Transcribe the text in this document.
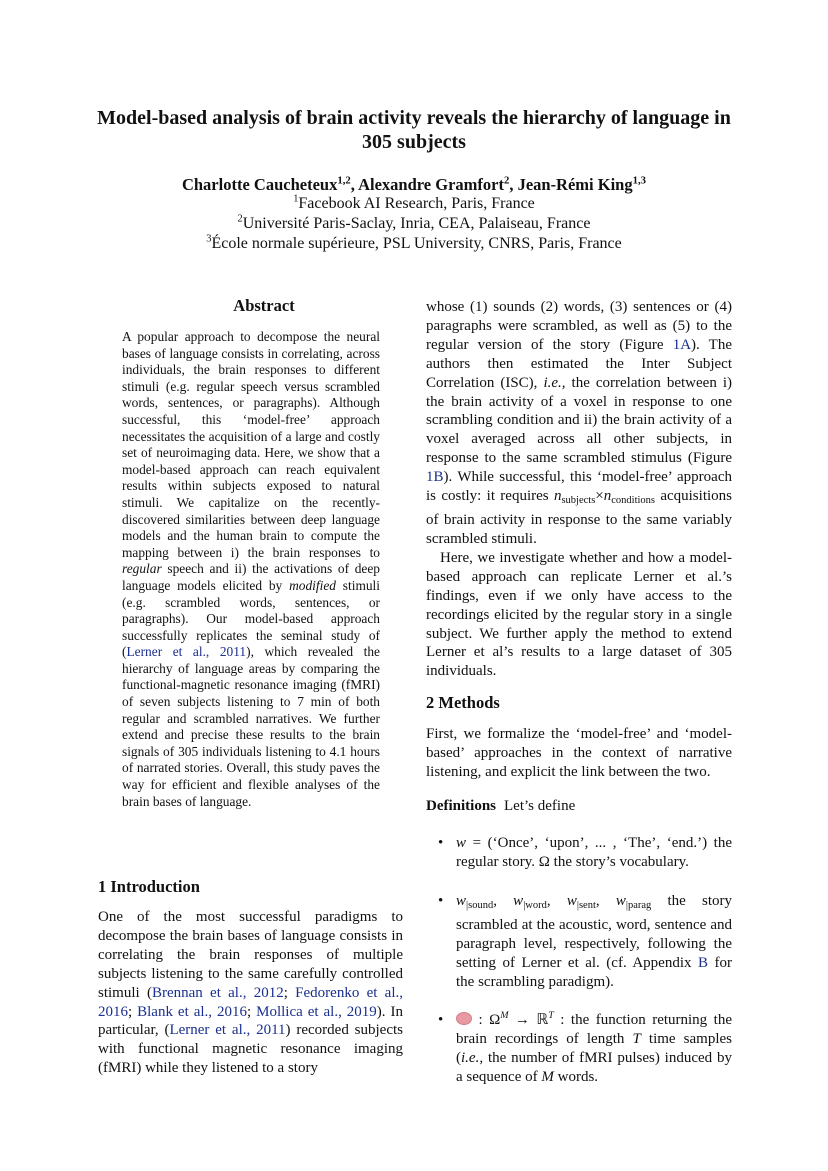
Model-based analysis of brain activity reveals the hierarchy of language in 305 subjects
Charlotte Caucheteux$^{1,2}$, Alexandre Gramfort$^2$, Jean-Rémi King$^{1,3}$
$^1$Facebook AI Research, Paris, France
$^2$Université Paris-Saclay, Inria, CEA, Palaiseau, France
$^3$École normale supérieure, PSL University, CNRS, Paris, France
Abstract
A popular approach to decompose the neural bases of language consists in correlating, across individuals, the brain responses to different stimuli (e.g. regular speech versus scrambled words, sentences, or paragraphs). Although successful, this ‘model-free’ approach necessitates the acquisition of a large and costly set of neuroimaging data. Here, we show that a model-based approach can reach equivalent results within subjects exposed to natural stimuli. We capitalize on the recently-discovered similarities between deep language models and the human brain to compute the mapping between i) the brain responses to regular speech and ii) the activations of deep language models elicited by modified stimuli (e.g. scrambled words, sentences, or paragraphs). Our model-based approach successfully replicates the seminal study of (Lerner et al., 2011), which revealed the hierarchy of language areas by comparing the functional-magnetic resonance imaging (fMRI) of seven subjects listening to 7 min of both regular and scrambled narratives. We further extend and precise these results to the brain signals of 305 individuals listening to 4.1 hours of narrated stories. Overall, this study paves the way for efficient and flexible analyses of the brain bases of language.
1 Introduction

One of the most successful paradigms to decompose the brain bases of language consists in correlating the brain responses of multiple subjects listening to the same carefully controlled stimuli (Brennan et al., 2012; Fedorenko et al., 2016; Blank et al., 2016; Mollica et al., 2019). In particular, (Lerner et al., 2011) recorded subjects with functional magnetic resonance imaging (fMRI) while they listened to a story

whose (1) sounds (2) words, (3) sentences or (4) paragraphs were scrambled, as well as (5) to the regular version of the story (Figure 1A). The authors then estimated the Inter Subject Correlation (ISC), i.e., the correlation between i) the brain activity of a voxel in response to one scrambling condition and ii) the brain activity of a voxel averaged across all other subjects, in response to the same scrambled stimulus (Figure 1B). While successful, this ‘model-free’ approach is costly: it requires $n_{subjects}\times n_{conditions}$ acquisitions of brain activity in response to the same variably scrambled stimuli.

Here, we investigate whether and how a model-based approach can replicate Lerner et al.’s findings, even if we only have access to the recordings elicited by the regular story in a single subject. We further apply the method to extend Lerner et al’s results to a large dataset of 305 individuals.

2 Methods
First, we formalize the ‘model-free’ and ‘model-based’ approaches in the context of narrative listening, and explicit the link between the two.
Definitions Let’s define
• w = (‘Once’, ‘upon’, ... , ‘The’, ‘end.’) the regular story. Ω the story’s vocabulary.
• $w_{|sound}$, $w_{|word}$, $w_{|sent}$, $w_{|parag}$ the story scrambled at the acoustic, word, sentence and paragraph level, respectively, following the setting of Lerner et al. (cf. Appendix B for the scrambling paradigm).
• : $\Omega^M$ → ℝ$^T$ : the function returning the brain recordings of length T time samples (i.e., the number of fMRI pulses) induced by a sequence of M words.
